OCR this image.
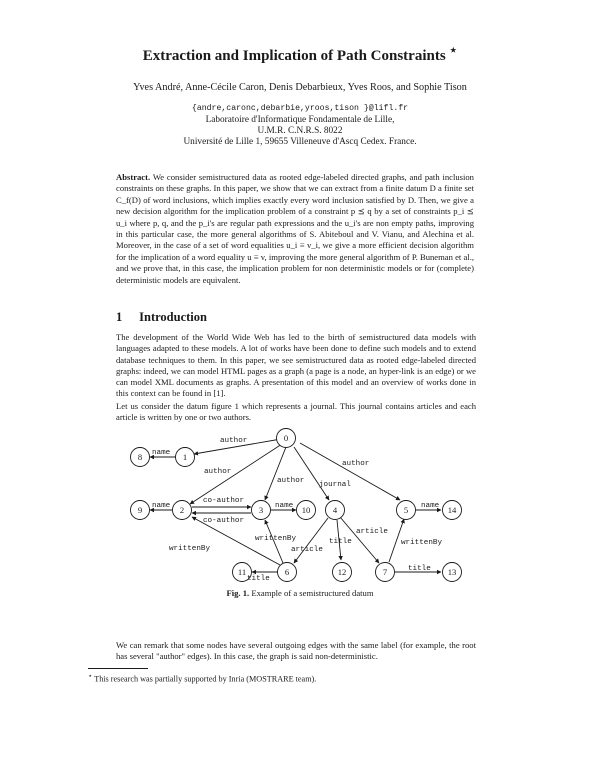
Extraction and Implication of Path Constraints ⋆
Yves André, Anne-Cécile Caron, Denis Debarbieux, Yves Roos, and Sophie Tison
{andre,caronc,debarbie,yroos,tison }@lifl.fr
Laboratoire d'Informatique Fondamentale de Lille,
U.M.R. C.N.R.S. 8022
Université de Lille 1, 59655 Villeneuve d'Ascq Cedex. France.
Abstract. We consider semistructured data as rooted edge-labeled directed graphs, and path inclusion constraints on these graphs. In this paper, we show that we can extract from a finite datum D a finite set C_f(D) of word inclusions, which implies exactly every word inclusion satisfied by D. Then, we give a new decision algorithm for the implication problem of a constraint p ⪯ q by a set of constraints p_i ⪯ u_i where p, q, and the p_i's are regular path expressions and the u_i's are non empty paths, improving in this particular case, the more general algorithms of S. Abiteboul and V. Vianu, and Alechina et al. Moreover, in the case of a set of word equalities u_i ≡ v_i, we give a more efficient decision algorithm for the implication of a word equality u ≡ v, improving the more general algorithm of P. Buneman et al., and we prove that, in this case, the implication problem for non deterministic models or for (complete) deterministic models are equivalent.
1 Introduction
The development of the World Wide Web has led to the birth of semistructured data models with languages adapted to these models. A lot of works have been done to define such models and to extend database techniques to them. In this paper, we see semistructured data as rooted edge-labeled directed graphs: indeed, we can model HTML pages as a graph (a page is a node, an hyper-link is an edge) or we can model XML documents as graphs. A presentation of this model and an overview of works done in this context can be found in [1].
Let us consider the datum figure 1 which represents a journal. This journal contains articles and each article is written by one or two authors.
0
1
2	3	4	5
6	7
8
9	10
11	12	13
14
author
author
author journal
author
name
name
co-author
co-author
name
title
article
article
name
writtenBy
title
writtenBy
writtenBy
title
Fig. 1. Example of a semistructured datum
We can remark that some nodes have several outgoing edges with the same label (for example, the root has several "author" edges). In this case, the graph is said non-deterministic.
⋆ This research was partially supported by Inria (MOSTRARE team).
